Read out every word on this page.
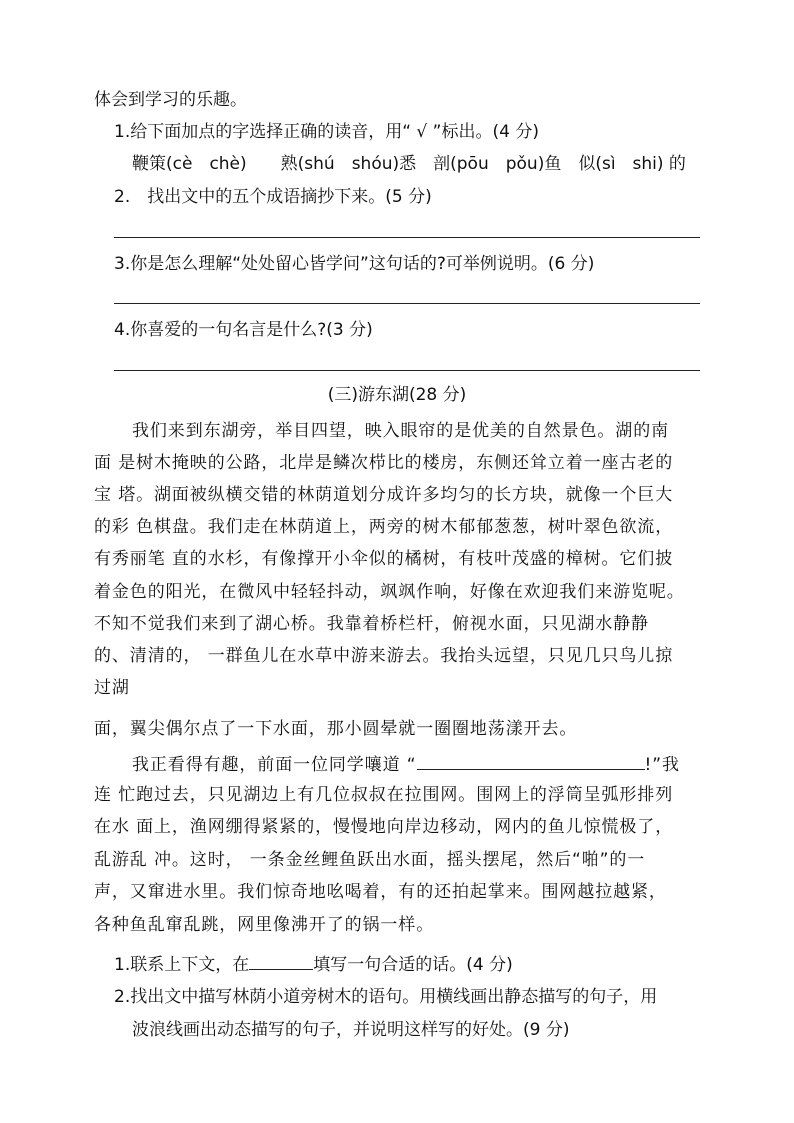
体会到学习的乐趣。
1.给下面加点的字选择正确的读音，用“ √ ”标出。(4 分)
鞭策(cè　chè)　　熟(shú　shóu)悉　剖(pōu　pǒu)鱼　似(sì　shi) 的
2.　找出文中的五个成语摘抄下来。(5 分)
3.你是怎么理解“处处留心皆学问”这句话的?可举例说明。(6 分)
4.你喜爱的一句名言是什么?(3 分)
(三)游东湖(28 分)
我们来到东湖旁，举目四望，映入眼帘的是优美的自然景色。湖的南
面 是树木掩映的公路，北岸是鳞次栉比的楼房，东侧还耸立着一座古老的
宝 塔。湖面被纵横交错的林荫道划分成许多均匀的长方块，就像一个巨大
的彩 色棋盘。我们走在林荫道上，两旁的树木郁郁葱葱，树叶翠色欲流，
有秀丽笔 直的水杉，有像撑开小伞似的橘树，有枝叶茂盛的樟树。它们披
着金色的阳光，在微风中轻轻抖动，飒飒作响，好像在欢迎我们来游览呢。
不知不觉我们来到了湖心桥。我靠着桥栏杆，俯视水面，只见湖水静静
的、清清的， 一群鱼儿在水草中游来游去。我抬头远望，只见几只鸟儿掠
过湖
面，翼尖偶尔点了一下水面，那小圆晕就一圈圈地荡漾开去。
我正看得有趣，前面一位同学嚷道 “	!”我
连 忙跑过去，只见湖边上有几位叔叔在拉围网。围网上的浮筒呈弧形排列
在水 面上，渔网绷得紧紧的，慢慢地向岸边移动，网内的鱼儿惊慌极了，
乱游乱 冲。这时， 一条金丝鲤鱼跃出水面，摇头摆尾，然后“啪”的一
声，又窜进水里。我们惊奇地吆喝着，有的还拍起掌来。围网越拉越紧，
各种鱼乱窜乱跳，网里像沸开了的锅一样。
1.联系上下文，在	填写一句合适的话。(4 分)
2.找出文中描写林荫小道旁树木的语句。用横线画出静态描写的句子，用
波浪线画出动态描写的句子，并说明这样写的好处。(9 分)
